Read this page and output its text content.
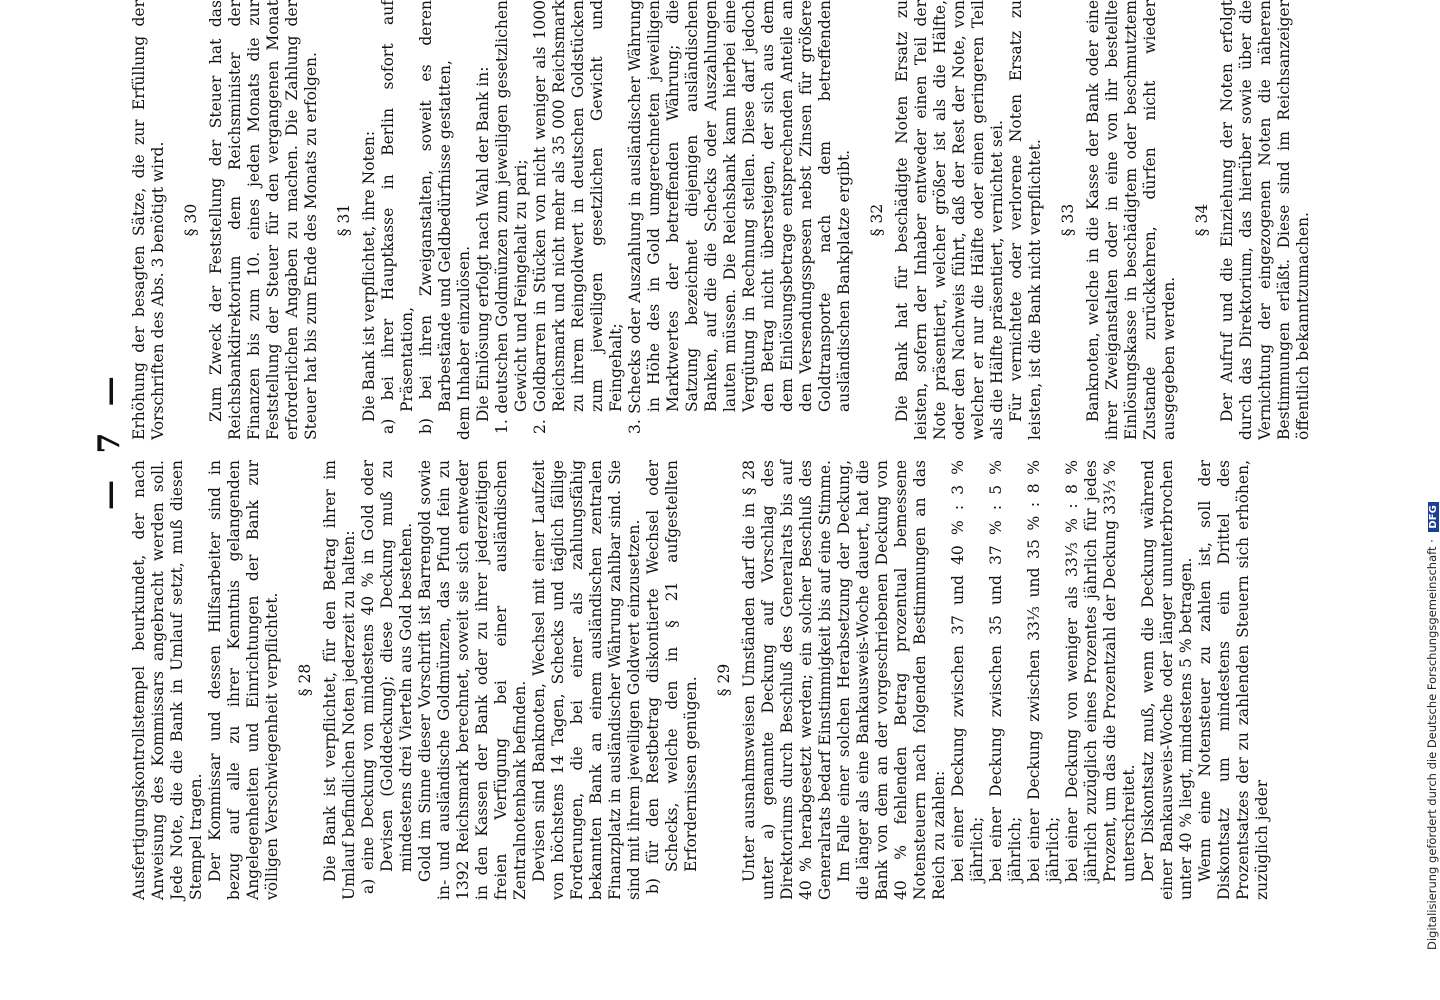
— 7 —

Ausfertigungskontrollstempel beurkundet, der nach Anweisung des Kommissars angebracht werden soll. Jede Note, die die Bank in Umlauf setzt, muß diesen Stempel tragen. Der Kommissar und dessen Hilfsarbeiter sind in bezug auf alle zu ihrer Kenntnis gelangenden Angelegenheiten und Einrichtungen der Bank zur völligen Verschwiegenheit verpflichtet. § 28 Die Bank ist verpflichtet, für den Betrag ihrer im Umlauf befindlichen Noten jederzeit zu halten: a) eine Deckung von mindestens 40 % in Gold oder Devisen (Golddeckung); diese Deckung muß zu mindestens drei Vierteln aus Gold bestehen. Gold im Sinne dieser Vorschrift ist Barrengold sowie in- und ausländische Goldmünzen, das Pfund fein zu 1392 Reichsmark berechnet, soweit sie sich entweder in den Kassen der Bank oder zu ihrer jederzeitigen freien Verfügung bei einer ausländischen Zentralnotenbank befinden. Devisen sind Banknoten, Wechsel mit einer Laufzeit von höchstens 14 Tagen, Schecks und täglich fällige Forderungen, die bei einer als zahlungsfähig bekannten Bank an einem ausländischen zentralen Finanzplatz in ausländischer Währung zahlbar sind. Sie sind mit ihrem jeweiligen Goldwert einzusetzen. b) für den Restbetrag diskontierte Wechsel oder Schecks, welche den in § 21 aufgestellten Erfordernissen genügen. § 29 Unter ausnahmsweisen Umständen darf die in § 28 unter a) genannte Deckung auf Vorschlag des Direktoriums durch Beschluß des Generalrats bis auf 40 % herabgesetzt werden; ein solcher Beschluß des Generalrats bedarf Einstimmigkeit bis auf eine Stimme. Im Falle einer solchen Herabsetzung der Deckung, die länger als eine Bankausweis-Woche dauert, hat die Bank von dem an der vorgeschriebenen Deckung von 40 % fehlenden Betrag prozentual bemessene Notensteuern nach folgenden Bestimmungen an das Reich zu zahlen: bei einer Deckung zwischen 37 und 40 % : 3 % jährlich; bei einer Deckung zwischen 35 und 37 % : 5 % jährlich; bei einer Deckung zwischen 33⅓ und 35 % : 8 % jährlich; bei einer Deckung von weniger als 33⅓ % : 8 % jährlich zuzüglich eines Prozentes jährlich für jedes Prozent, um das die Prozentzahl der Deckung 33⅓ % unterschreitet. Der Diskontsatz muß, wenn die Deckung während einer Bankausweis-Woche oder länger ununterbrochen unter 40 % liegt, mindestens 5 % betragen. Wenn eine Notensteuer zu zahlen ist, soll der Diskontsatz um mindestens ein Drittel des Prozentsatzes der zu zahlenden Steuern sich erhöhen, zuzüglich jeder

Erhöhung der besagten Sätze, die zur Erfüllung der Vorschriften des Abs. 3 benötigt wird. § 30 Zum Zweck der Feststellung der Steuer hat das Reichsbankdirektorium dem Reichsminister der Finanzen bis zum 10. eines jeden Monats die zur Feststellung der Steuer für den vergangenen Monat erforderlichen Angaben zu machen. Die Zahlung der Steuer hat bis zum Ende des Monats zu erfolgen. § 31 Die Bank ist verpflichtet, ihre Noten: a) bei ihrer Hauptkasse in Berlin sofort auf Präsentation, b) bei ihren Zweiganstalten, soweit es deren Barbestände und Geldbedürfnisse gestatten, dem Inhaber einzulösen. Die Einlösung erfolgt nach Wahl der Bank in: 1. deutschen Goldmünzen zum jeweiligen gesetzlichen Gewicht und Feingehalt zu pari; 2. Goldbarren in Stücken von nicht weniger als 1000 Reichsmark und nicht mehr als 35 000 Reichsmark zu ihrem Reingoldwert in deutschen Goldstücken zum jeweiligen gesetzlichen Gewicht und Feingehalt; 3. Schecks oder Auszahlung in ausländischer Währung in Höhe des in Gold umgerechneten jeweiligen Marktwertes der betreffenden Währung; die Satzung bezeichnet diejenigen ausländischen Banken, auf die die Schecks oder Auszahlungen lauten müssen. Die Reichsbank kann hierbei eine Vergütung in Rechnung stellen. Diese darf jedoch den Betrag nicht übersteigen, der sich aus dem dem Einlösungsbetrage entsprechenden Anteile an den Versendungsspesen nebst Zinsen für größere Goldtransporte nach dem betreffenden ausländischen Bankplatze ergibt. § 32 Die Bank hat für beschädigte Noten Ersatz zu leisten, sofern der Inhaber entweder einen Teil der Note präsentiert, welcher größer ist als die Hälfte, oder den Nachweis führt, daß der Rest der Note, von welcher er nur die Hälfte oder einen geringeren Teil als die Hälfte präsentiert, vernichtet sei. Für vernichtete oder verlorene Noten Ersatz zu leisten, ist die Bank nicht verpflichtet. § 33 Banknoten, welche in die Kasse der Bank oder eine ihrer Zweiganstalten oder in eine von ihr bestellte Einlösungskasse in beschädigtem oder beschmutztem Zustande zurückkehren, dürfen nicht wieder ausgegeben werden.

§ 34 Der Aufruf und die Einziehung der Noten erfolgt durch das Direktorium, das hierüber sowie über die Vernichtung der eingezogenen Noten die näheren Bestimmungen erläßt. Diese sind im Reichsanzeiger öffentlich bekanntzumachen.

Digitalisierung gefördert durch die Deutsche Forschungsgemeinschaft · DFG
